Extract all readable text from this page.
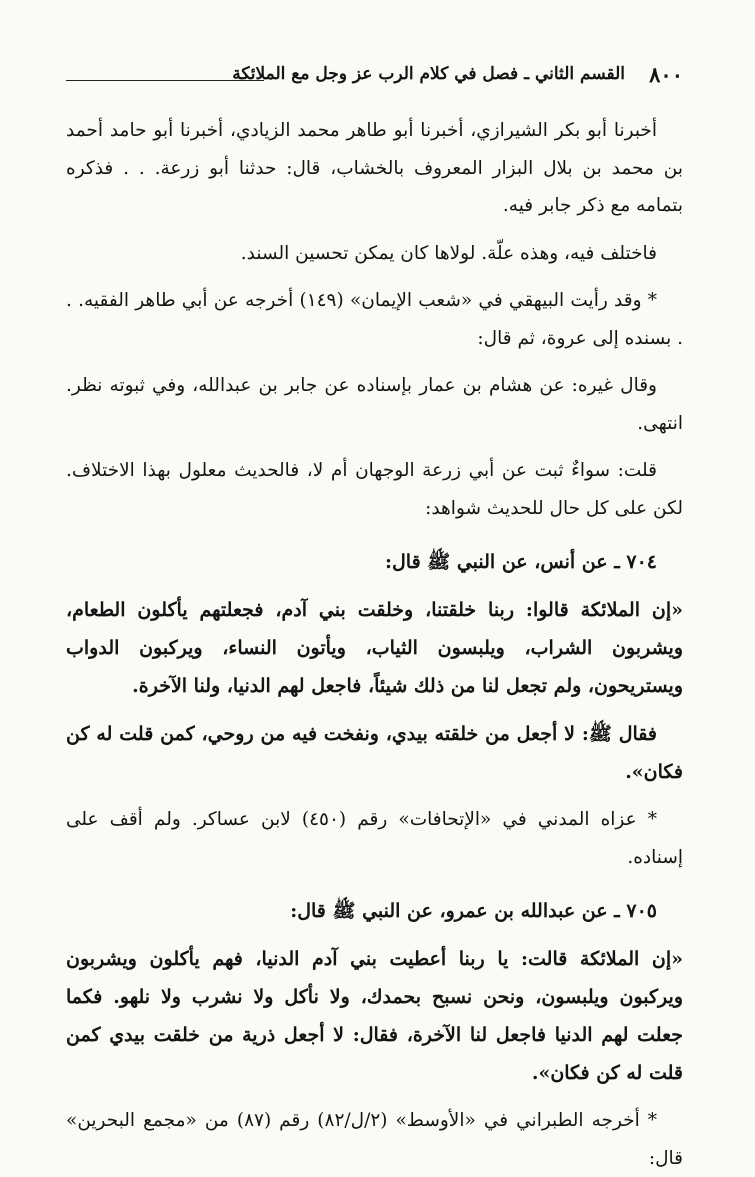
٨٠٠
القسم الثاني ـ فصل في كلام الرب عز وجل مع الملائكة

أخبرنا أبو بكر الشيرازي، أخبرنا أبو طاهر محمد الزيادي، أخبرنا أبو حامد أحمد بن محمد بن بلال البزار المعروف بالخشاب، قال: حدثنا أبو زرعة. . . فذكره بتمامه مع ذكر جابر فيه.

فاختلف فيه، وهذه علّة. لولاها كان يمكن تحسين السند.

* وقد رأيت البيهقي في «شعب الإيمان» (١٤٩) أخرجه عن أبي طاهر الفقيه. . . بسنده إلى عروة، ثم قال:

وقال غيره: عن هشام بن عمار بإسناده عن جابر بن عبدالله، وفي ثبوته نظر. انتهى.

قلت: سواءٌ ثبت عن أبي زرعة الوجهان أم لا، فالحديث معلول بهذا الاختلاف. لكن على كل حال للحديث شواهد:

٧٠٤ ـ عن أنس، عن النبي ﷺ قال:

«إن الملائكة قالوا: ربنا خلقتنا، وخلقت بني آدم، فجعلتهم يأكلون الطعام، ويشربون الشراب، ويلبسون الثياب، ويأتون النساء، ويركبون الدواب ويستريحون، ولم تجعل لنا من ذلك شيئاً، فاجعل لهم الدنيا، ولنا الآخرة.

فقال ﷺ: لا أجعل من خلقته بيدي، ونفخت فيه من روحي، كمن قلت له كن فكان».

* عزاه المدني في «الإتحافات» رقم (٤٥٠) لابن عساكر. ولم أقف على إسناده.

٧٠٥ ـ عن عبدالله بن عمرو، عن النبي ﷺ قال:

«إن الملائكة قالت: يا ربنا أعطيت بني آدم الدنيا، فهم يأكلون ويشربون ويركبون ويلبسون، ونحن نسبح بحمدك، ولا نأكل ولا نشرب ولا نلهو. فكما جعلت لهم الدنيا فاجعل لنا الآخرة، فقال: لا أجعل ذرية من خلقت بيدي كمن قلت له كن فكان».

* أخرجه الطبراني في «الأوسط» (٢/ل/٨٢) رقم (٨٧) من «مجمع البحرين» قال:
